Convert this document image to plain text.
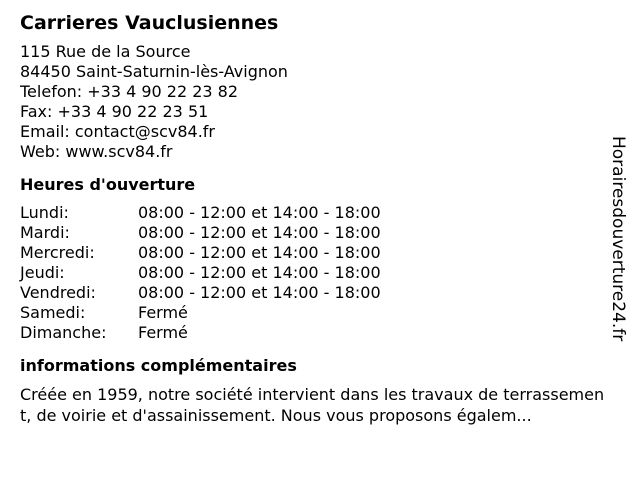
Carrieres Vauclusiennes
115 Rue de la Source
84450 Saint-Saturnin-lès-Avignon
Telefon: +33 4 90 22 23 82
Fax: +33 4 90 22 23 51
Email: contact@scv84.fr
Web: www.scv84.fr
Heures d'ouverture
Lundi:	08:00 - 12:00 et 14:00 - 18:00
Mardi:	08:00 - 12:00 et 14:00 - 18:00
Mercredi:	08:00 - 12:00 et 14:00 - 18:00
Jeudi:	08:00 - 12:00 et 14:00 - 18:00
Vendredi:	08:00 - 12:00 et 14:00 - 18:00
Samedi:	Fermé
Dimanche:	Fermé
informations complémentaires
Créée en 1959, notre société intervient dans les travaux de terrassement, de voirie et d'assainissement. Nous vous proposons égalem...
Horairesdouverture24.fr
